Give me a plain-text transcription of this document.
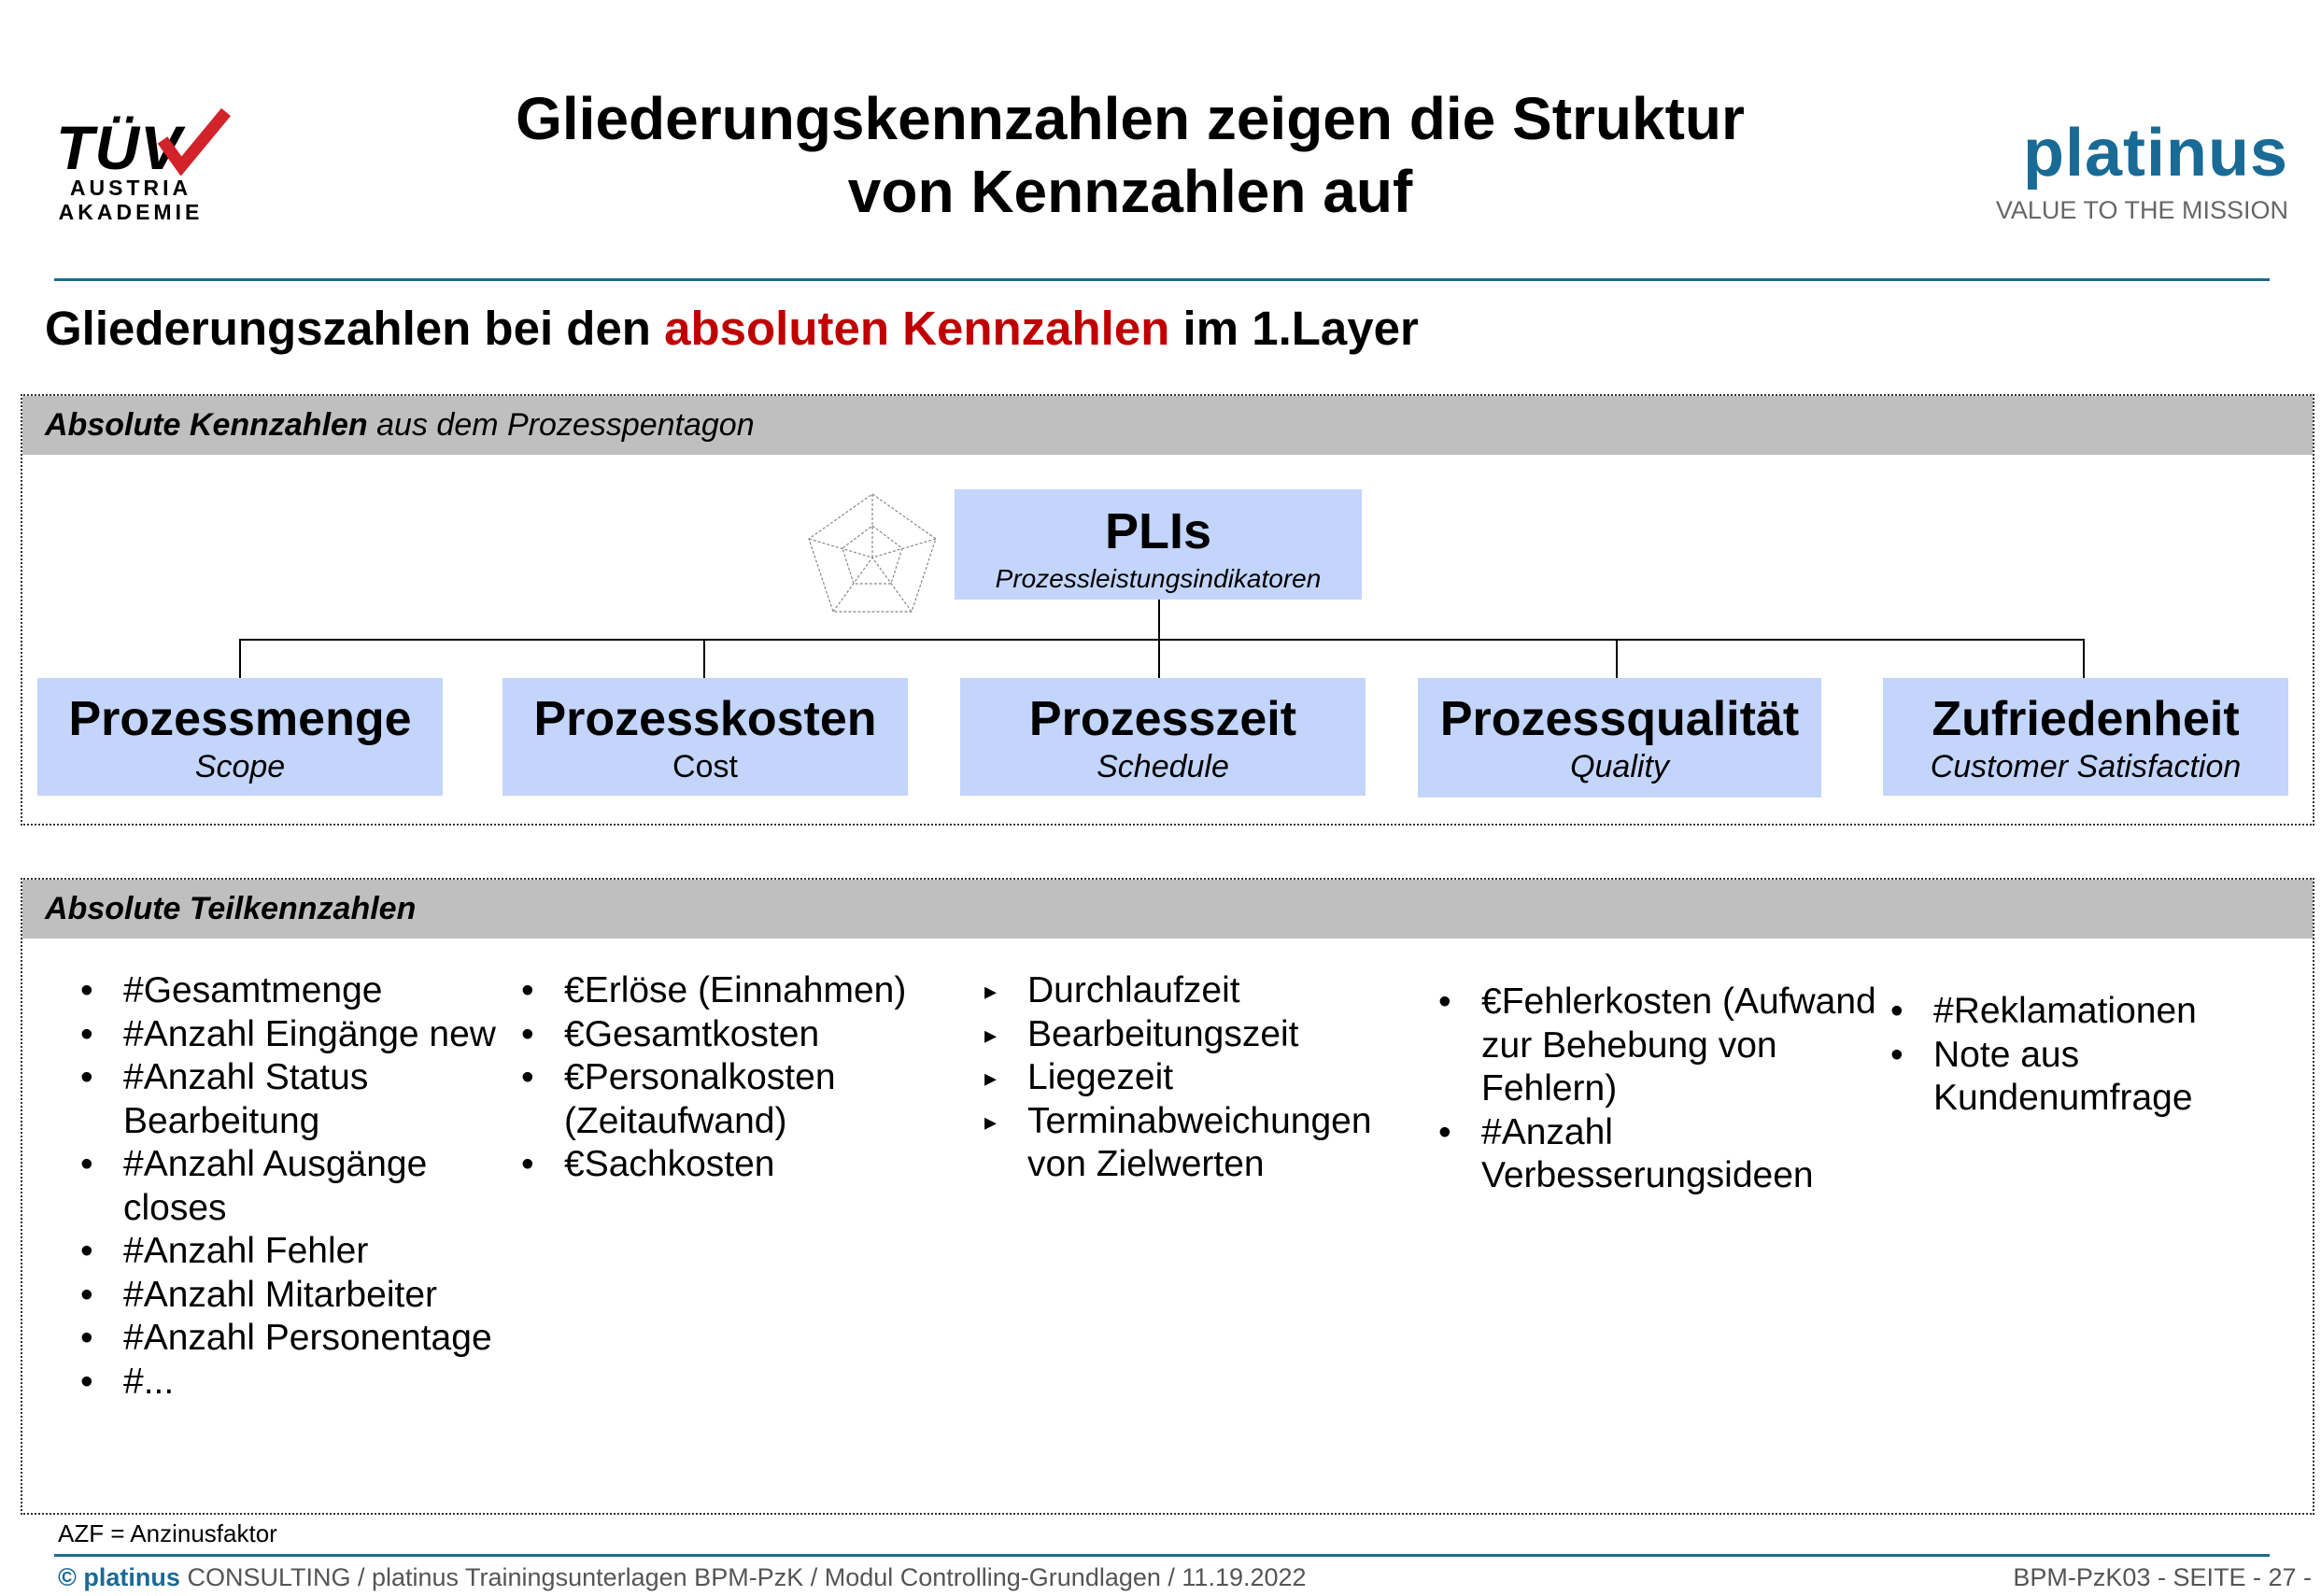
TÜV
AUSTRIA
AKADEMIE
Gliederungskennzahlen zeigen die Struktur
von Kennzahlen auf
platinus
VALUE TO THE MISSION
Gliederungszahlen bei den absoluten Kennzahlen im 1.Layer
Absolute Kennzahlen aus dem Prozesspentagon
PLIs
Prozessleistungsindikatoren
Prozessmenge
Scope
Prozesskosten
Cost
Prozesszeit
Schedule
Prozessqualität
Quality
Zufriedenheit
Customer Satisfaction
Absolute Teilkennzahlen
• #Gesamtmenge
• #Anzahl Eingänge new
• #Anzahl Status Bearbeitung
• #Anzahl Ausgänge closes
• #Anzahl Fehler
• #Anzahl Mitarbeiter
• #Anzahl Personentage
• #...
• €Erlöse (Einnahmen)
• €Gesamtkosten
• €Personalkosten (Zeitaufwand)
• €Sachkosten
▸ Durchlaufzeit
▸ Bearbeitungszeit
▸ Liegezeit
▸ Terminabweichungen von Zielwerten
• €Fehlerkosten (Aufwand zur Behebung von Fehlern)
• #Anzahl Verbesserungsideen
• #Reklamationen
• Note aus Kundenumfrage
AZF = Anzinusfaktor
© platinus CONSULTING / platinus Trainingsunterlagen BPM-PzK / Modul Controlling-Grundlagen / 11.19.2022	BPM-PzK03 - SEITE - 27 -
